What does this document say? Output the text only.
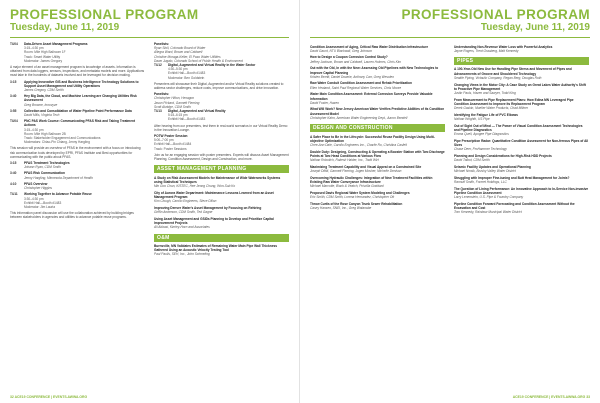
PROFESSIONAL PROGRAM
Tuesday, June 11, 2019
TU04	Data-Driven Asset Management Programs
3:15–4:30 pm
Room: Mile High Ballroom 1F
Track: Smart Water Utility
Moderator: James Gregory
A major element of an asset management program is knowledge of assets. Information is obtained from data loggers, sensors, inspections, and metadata models and more. Applications must take in the hundreds of datasets involved and be leveraged for decision making.
3:15	Applying Innovative GIS and Business Intelligence Technology Solutions to Support Asset Management and Utility Operations
James Gregory, CDM Smith
3:40	Hey Big Data, the Cloud, and Machine Learning are Changing Utilities Risk Assessment
Greg Browne, Innovyze
3:55	Collection and Consolidation of Water Pipeline Point Performance Data
David Mills, Virginia Tech
TU04	PNC PAS Work Course: Communicating PFAS Risk and Taking Treatment Actions
3:15–4:30 pm
Room: Mile High Ballroom 2B
Track: Stakeholder Engagement and Communications
Moderators: Chiao-Pin Chiang, Jenny Hargling
This session will provide an overview of PFAS in the environment with a focus on introducing risk communication tools developed by EPRI, PFAS Institute and Best opportunities for communicating with the public about PFAS.
3:15	PFAS Treatment Technologies
Johann Ryan, CDM Smith
3:40	PFAS Risk Communication
Jenny Hargling, Minnesota Department of Health
4:10	PFAS Overview
Christopher Higgins
TU11	Working Together to Advance Potable Reuse
3:30–4:30 pm
Exhibit Hall—Booth #1483
Moderator: Jim Lauria
This information panel discussion will use the collaboration achieved by building bridges between stakeholders in agencies and utilities to advance potable reuse programs.
Panelists:
Ryan Stoll, Colorado Board of Water
Allegra Ward, Brown and Caldwell
Christine Moraga-Keller, El Paso Water Utilities
Dawn Jugalo, Colorado School of Public Health & Environment
TU12	Digital, Augmented and Virtual Reality in the Water Sector
4:30–5:30 pm
Exhibit Hall—Booth #1483
Moderator: Ben Goldstein
Presenters will showcase their Digital, Augmented and/or Virtual Reality solutions created to address sector challenges, reduce costs, improve communications, and drive innovation.
Panelists:
Christopher Hilton, Hexagon
Jason Pickard, Gannett Fleming
Scott Akridge, CDM Smith
TU13	Digital, Augmented and Virtual Reality
5:15–6:15 pm
Exhibit Hall—Booth #1483
After hearing from our presenters, test them in real-world scenarios in our Virtual Reality Demo in the Innovation Lounge.
POTW Poster Session
5:00–7:00 pm
Exhibit Hall—Booth #1484
Track: Poster Sessions
Join us for an engaging session with poster presenters. Experts will discuss Asset Management Planning, Condition Assessment, Design and Construction, and more.
ASSET MANAGEMENT PLANNING
A Study on Risk Assessment Models for Maintenance of Wide Waterworks Systems using Statistical Techniques
Min Goo Chun, KISTEC, Hee Jeong Chung, Won-Sub Ko
City of Aurora Water Department: Maintenance Lessons Learned from an Asset Management Program
Kim Clough, Carollo Engineers, Steve Dillon
Improving Denver Water's Asset Management by Focusing on Rehiring
Griffin Anderson, CDM Smith, Ted Gagne
Using Asset Management and GSIDs Planning to Develop and Prioritize Capital Improvement Projects
Ali Abbasi, Kimley-Horn and Associates
O&M
Burnsville, MN Validates Estimates of Remaining Water Main Pipe Wall Thickness Gathered Using an Acoustic Velocity Testing Tool
Paul Paulis, SEH, Inc., John Schmeling
32 ACE19 CONFERENCE | EVENTS.AWWA.ORG
PROFESSIONAL PROGRAM
Tuesday, June 11, 2019
Condition Assessment of Aging, Critical Raw Water Distribution Infrastructure
David Gaunt, NTU Blackwall, Greg Johnson
How to Design a Coupon Corrosion Control Study?
Jeffrey Jackson, Brown and Caldwell, Lauren Holmes, Chris Kim
Out with the Old, In with the New: Assessing Old Pipelines with New Technologies to Improve Capital Planning
Kristen Berritt, Daniel Downie, Anthony Carr, Greg Wesolen
Raw Water Conduit Condition Assessment and Rehab Prioritization
Ellen Heaiand, Saint Paul Regional Water Services, Chris Moore
Water Main Condition Assessment: External Corrosion Surveys Provide Valuable Information
David Foster, Hazen
What Will Work? New Jersey American Water Verifies Predictive Abilities of its Condition Assessment Model
Christopher Kahn, American Water Engineering Dept., Aaron Bendell
DESIGN AND CONSTRUCTION
A Safer Place to Be in the Lifecycle: Successful Reuse Facility Design Using Multi-objective Optimization
Chee-Ann Dale, Carollo Engineers Inc., Charlie Ro, Christina Casfelt
Double Duty: Designing, Constructing & Operating a Booster Station with Two Discharge Points at Two Head Conditions at Various Flow
Nathan Robotich, Rakesh Halder, Inc., Todd Wirt
Maximizing Treatment Capability and Visual Appeal on a Constrained Site
Joseph Dittiti, Gannett Fleming, Jogen Mosher, Michelle Denison
Overcoming Hydraulic Challenges: Integration of New Treatment Facilities within Existing Raw Water Conveyance Infrastructure
Michael Marcotte, Black & Veatch, Priscilla Goddard
Proposed Davis Regional Water System Modeling and Challenges
Eric Smith, CDM Smith, Lorena Hernandez, Christopher Ott
Throw Curtis of the Rose Canyon Trunk Sewer Rehabilitation
Casey Hansen, SNEI, Inc., Greg Watanabe
Understanding Non-Revenue Water Loss with Powerful Analytics
Jayne Rogers, Trent Grauberg, Matt Kennedy
PIPES
A 100-Year-Old New Use for Handling Pipe Stress and Movement of Pipes and Advancements of Groove and Shouldered Technology
Seattle Piping, Victaulic Company, Regan Berg, Douglas Roth
Changing Views in the Motor City: A Case Study on Great Lakes Water Authority's Shift to Proactive Pipe Management
Justin Pauls, Hazen and Sawyer, Todd King
From Measurement to Pipe Replacement Plans: How Edina MN Leveraged Pipe Condition Assessment to Improve its Replacement Program
Derek Gaskin, Mueller Water Products, Chad Millner
Identifying the Fatigue Life of PVC Elbows
Nathan Wrighth, US Pipe
Out of Sight Out of Mind — The Power of Visual Condition Assessment Technologies and Pipeline Diagnostics
Emma Quell, Apogee Pipe Diagnostics
Pipe Prescription Radar: Quantitative Condition Assessment for Non-ferrous Pipes of All Sizes
Chase Deer, ProHammer Technology
Planning and Design Considerations for High-Risk HDD Projects
David Talbot, CDM Smith
Seismic Facility Updates and Operational Planning
Michael Nmsik, Brushy Valley Water District
Struggling with Improper Fine-tuning and Butt Heat Management for Joints?
Rannulf Smith, Formet Holdings, LLC
The Question of Lining Performance: An Innovative Approach to In-Service Non-invasive Pipeline Condition Assessment
Larry Lenenstein, U.S. Pipe & Foundry Company
Pipeline Condition Forward Forecasting and Condition Assessment Without the Excavation and Cost
Tom Kennedy, Rainbow Municipal Water District
ACE19 CONFERENCE | EVENTS.AWWA.ORG 33
